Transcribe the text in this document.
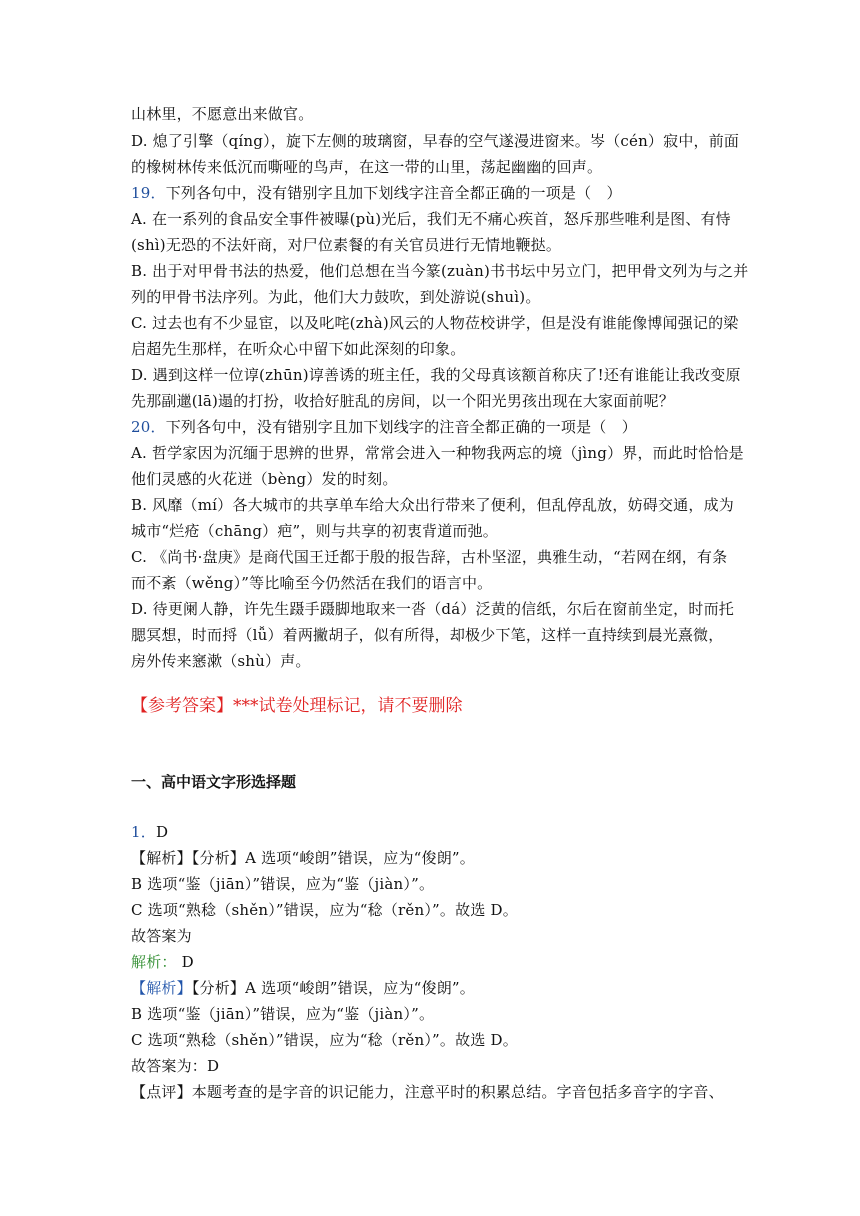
山林里，不愿意出来做官。
D. 熄了引擎（qíng），旋下左侧的玻璃窗，早春的空气遂漫进窗来。岑（cén）寂中，前面
的橡树林传来低沉而嘶哑的鸟声，在这一带的山里，荡起幽幽的回声。
19．下列各句中，没有错别字且加下划线字注音全都正确的一项是（　）
A. 在一系列的食品安全事件被曝(pù)光后，我们无不痛心疾首，怒斥那些唯利是图、有恃
(shì)无恐的不法奸商，对尸位素餐的有关官员进行无情地鞭挞。
B. 出于对甲骨书法的热爱，他们总想在当今篆(zuàn)书书坛中另立门，把甲骨文列为与之并
列的甲骨书法序列。为此，他们大力鼓吹，到处游说(shuì)。
C. 过去也有不少显宦，以及叱咤(zhà)风云的人物莅校讲学，但是没有谁能像博闻强记的梁
启超先生那样，在听众心中留下如此深刻的印象。
D. 遇到这样一位谆(zhūn)谆善诱的班主任，我的父母真该额首称庆了!还有谁能让我改变原
先那副邋(lā)遢的打扮，收拾好脏乱的房间，以一个阳光男孩出现在大家面前呢？
20．下列各句中，没有错别字且加下划线字的注音全都正确的一项是（　）
A. 哲学家因为沉缅于思辨的世界，常常会进入一种物我两忘的境（jìng）界，而此时恰恰是
他们灵感的火花迸（bèng）发的时刻。
B. 风靡（mí）各大城市的共享单车给大众出行带来了便利，但乱停乱放，妨碍交通，成为
城市“烂疮（chāng）疤”，则与共享的初衷背道而弛。
C. 《尚书·盘庚》是商代国王迁都于殷的报告辞，古朴坚涩，典雅生动，“若网在纲，有条
而不紊（wěng）”等比喻至今仍然活在我们的语言中。
D. 待更阑人静，许先生蹑手蹑脚地取来一沓（dá）泛黄的信纸，尔后在窗前坐定，时而托
腮冥想，时而捋（lǚ）着两撇胡子，似有所得，却极少下笔，这样一直持续到晨光熹微，
房外传来窸漱（shù）声。
【参考答案】***试卷处理标记，请不要删除
一、高中语文字形选择题
1．D
【解析】【分析】A 选项“峻朗”错误，应为“俊朗”。
B 选项“鉴（jiān）”错误，应为“鉴（jiàn）”。
C 选项“熟稔（shěn）”错误，应为“稔（rěn）”。故选 D。
故答案为
解析： D
【解析】【分析】A 选项“峻朗”错误，应为“俊朗”。
B 选项“鉴（jiān）”错误，应为“鉴（jiàn）”。
C 选项“熟稔（shěn）”错误，应为“稔（rěn）”。故选 D。
故答案为：D
【点评】本题考查的是字音的识记能力，注意平时的积累总结。字音包括多音字的字音、
